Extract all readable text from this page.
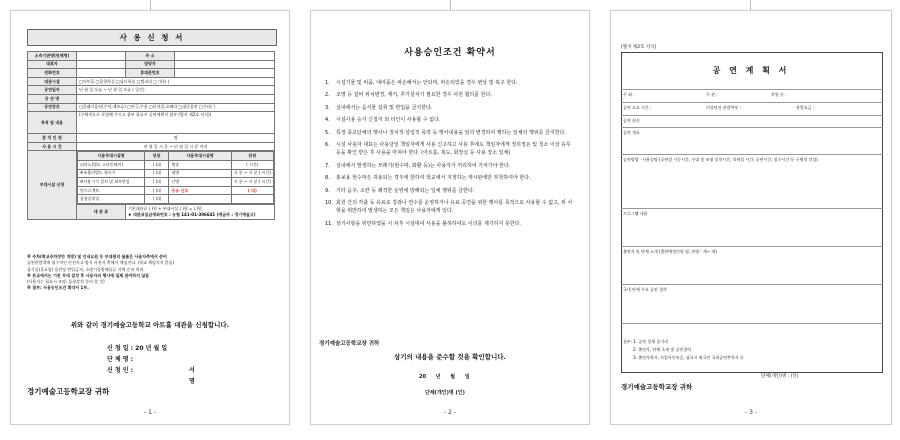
사 용 신 청 서
소속기관명(단체명)		주 소	
대표자		담당자	
전화번호		휴대폰번호	
대관시설	□아트홀 □음향학실 □남녀학실 □캠퍼리 □기타( )
공연일자	년 월 일 오늘 ~ 년 월 일 오늘 ( 일간)
공 연 명	
공연장르	□클래식음악(무악,재즈류) □연극,무용 □뮤지컬,오페라 □대중음악 □기타( )
목적 및 내용	(구체적으로 작성해 주시고 첨부 필요시 공연계획서 첨부 (별지 제2호 서식))
참 석 인 원	명
사 용 시 간	년 월 일 시 분 ~ 년 월 일 시 분 까지
부대시설 신청	
사용부대시설명	단위	사용부대시설명	단위
피아노(별도 스타인웨이)	( )대	방송	( 시간)
※조율비별도 영사기	( )대	냉방	시 분 ~ 시 분 ( 시간)
※사용기기 설치 및 외부반입	( )대	난방	시 분 ~ 시 분 ( 시간)
빔프로젝트	( )대	동유 난로	( 대)
음향음악실	( )대		

대 관 료	
기본대관료 ( )원 + 부대시설 ( )원 = ( )원
♠ 대관료입금계좌번호 : 농협 141-01-306641 (예금주 : 경기예술고)
※ 주차(학교주차장만 개방) 및 안내요원 등 부대편의 물품은 사용자측에서 준비
공연관람객에 필수적인 안전사고 방지 사용자 측에서 책임진다. (학교 책임지지 않음)
음식물(물포함) 음반장 반입금지, 소방기물방해물류 자체 준비 처리.
※ 본교에서는 기본 무대 설정 후 사용자의 행사에 일체 관여하지 않음
(사용자는 필요시 조명, 음향장치 준비 할 것)
※ 첨부: 사용승인조건 확약서 1부.
위와 같이 경기예술고등학교 아트홀 대관을 신청합니다.
신 청 일 : 20 년 월 일
단 체 명 :
신 청 인 :	서 명
경기예술고등학교장 귀하
- 1 -
사용승인조건 확약서
1.	시설기물 및 비품, 대여품은 파손해서는 안되며, 파손되었을 경우 변상 및 복구 한다.
2.	조명 등 설비 위치변경, 제거, 추가설치가 필요한 경우 사전 협의를 한다.
3.	실내에서는 음식물 섭취 및 반입을 금지한다.
4.	시설사용 승가 신청자 외 타인이 사용할 수 없다.
5.	특정 종교단체의 행사나 정치적·상업적 목적 등 행사내용을 임의 변경하여 행하는 일체의 행위를 금지한다.
6.	시설 사용자 대표는 사용당일 책임자에게 사용 신고하고 사용 후에도 책임자에게 정리정돈 및 청소 이상 유무 등을 확인 받은 후 사용을 마쳐야 한다. (아트홀, 복도, 화장실 등 사용 장소 일체)
7.	실내에서 발생하는 쓰레기(현수막, 화환 등)는 사용자가 처리하여 가져가야 한다.
8.	홍보용 현수막은 허용되는 경우에 한하여 학교에서 지정하는 게시판에만 부착하여야 한다.
9.	기타 음주, 소란 등 쾌적한 운영에 방해되는 일체 행위를 금한다.
10. 회원 간의 각출 등 유료로 강좌나 연수를 운영하거나 유료 공연을 위한 행사를 목적으로 사용할 수 없고, 위 사항을 위반하여 발생하는 모든 책임은 사용자에게 있다.
11. 상기사항을 위반하였을 시 차후 시설대여 사용을 불허하여도 이의를 제기하지 못한다.
경기예술고등학교장 귀하
상기의 내용을 준수할 것을 확인합니다.
20 년 월 일
단체(개인)명 (인)
- 2 -
[별지 제2호 서식]
공 연 계 획 서
주 최 :	주 관 :	후원 등 :
공연 소요 시간 :	미성년자 관람여부 :	관람요금 :
공연 취지
공연 개요
공연방법 · 사용설명 (공연장 가동시간, 무대 및 조명 설치시간, 리허설 시간, 공연시간, 철수시간 등 구체적 작성)
프로그램 내용
출연자 및 단체 소개 (출연예정인원 명, 연령 : 세~ 세)
국내 단체 주요 공연 경력
첨부: 1. 공연 상세 줄거리
2. 출연자, 단체 소개 및 공연경력
3. 출연자학사, 사업자등록증, 필요시 외국인 국내공연추천서 등
단체(개인)명 : (인)
경기예술고등학교장 귀하
- 3 -
